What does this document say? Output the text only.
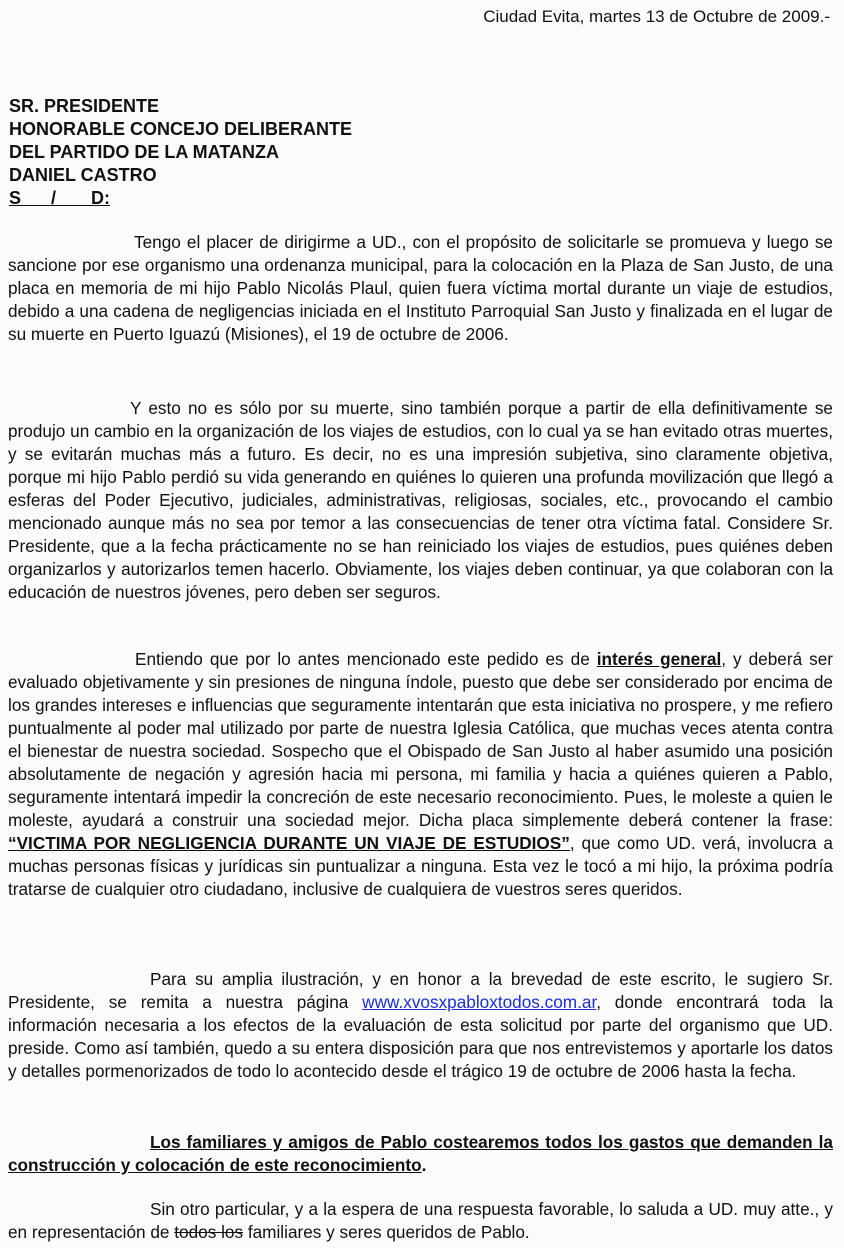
Ciudad Evita, martes 13 de Octubre de 2009.-
SR. PRESIDENTE
HONORABLE CONCEJO DELIBERANTE
DEL PARTIDO DE LA MATANZA
DANIEL CASTRO
S      /       D:
Tengo el placer de dirigirme a UD., con el propósito de solicitarle se promueva y luego se sancione por ese organismo una ordenanza municipal, para la colocación en la Plaza de San Justo, de una placa en memoria de mi hijo Pablo Nicolás Plaul, quien fuera víctima mortal durante un viaje de estudios, debido a una cadena de negligencias iniciada en el Instituto Parroquial San Justo y finalizada en el lugar de su muerte en Puerto Iguazú (Misiones), el 19 de octubre de 2006.
Y esto no es sólo por su muerte, sino también porque a partir de ella definitivamente se produjo un cambio en la organización de los viajes de estudios, con lo cual ya se han evitado otras muertes, y se evitarán muchas más a futuro. Es decir, no es una impresión subjetiva, sino claramente objetiva, porque mi hijo Pablo perdió su vida generando en quiénes lo quieren una profunda movilización que llegó a esferas del Poder Ejecutivo, judiciales, administrativas, religiosas, sociales, etc., provocando el cambio mencionado aunque más no sea por temor a las consecuencias de tener otra víctima fatal. Considere Sr. Presidente, que a la fecha prácticamente no se han reiniciado los viajes de estudios, pues quiénes deben organizarlos y autorizarlos temen hacerlo. Obviamente, los viajes deben continuar, ya que colaboran con la educación de nuestros jóvenes, pero deben ser seguros.
Entiendo que por lo antes mencionado este pedido es de interés general, y deberá ser evaluado objetivamente y sin presiones de ninguna índole, puesto que debe ser considerado por encima de los grandes intereses e influencias que seguramente intentarán que esta iniciativa no prospere, y me refiero puntualmente al poder mal utilizado por parte de nuestra Iglesia Católica, que muchas veces atenta contra el bienestar de nuestra sociedad. Sospecho que el Obispado de San Justo al haber asumido una posición absolutamente de negación y agresión hacia mi persona, mi familia y hacia a quiénes quieren a Pablo, seguramente intentará impedir la concreción de este necesario reconocimiento. Pues, le moleste a quien le moleste, ayudará a construir una sociedad mejor. Dicha placa simplemente deberá contener la frase: “VICTIMA POR NEGLIGENCIA DURANTE UN VIAJE DE ESTUDIOS”, que como UD. verá, involucra a muchas personas físicas y jurídicas sin puntualizar a ninguna. Esta vez le tocó a mi hijo, la próxima podría tratarse de cualquier otro ciudadano, inclusive de cualquiera de vuestros seres queridos.
Para su amplia ilustración, y en honor a la brevedad de este escrito, le sugiero Sr. Presidente, se remita a nuestra página www.xvosxpabloxtodos.com.ar, donde encontrará toda la información necesaria a los efectos de la evaluación de esta solicitud por parte del organismo que UD. preside. Como así también, quedo a su entera disposición para que nos entrevistemos y aportarle los datos y detalles pormenorizados de todo lo acontecido desde el trágico 19 de octubre de 2006 hasta la fecha.
Los familiares y amigos de Pablo costearemos todos los gastos que demanden la construcción y colocación de este reconocimiento.
Sin otro particular, y a la espera de una respuesta favorable, lo saluda a UD. muy atte., y en representación de todos los familiares y seres queridos de Pablo.
